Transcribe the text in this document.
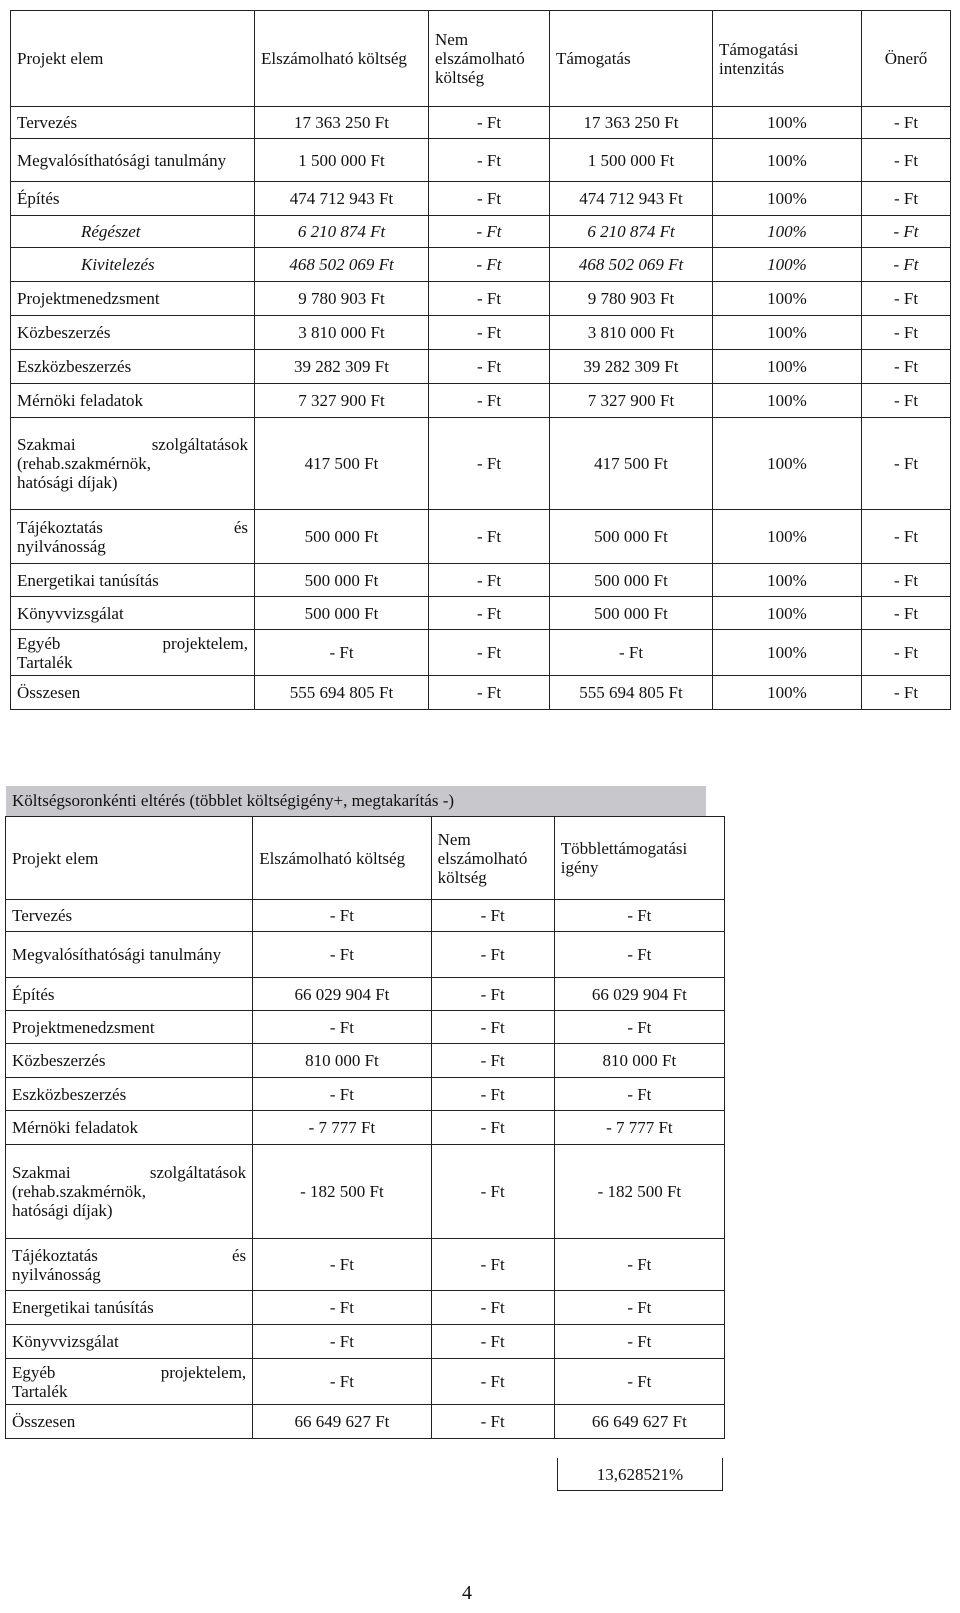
Projekt elem	Elszámolható költség	Nem elszámolható költség	Támogatás	Támogatási intenzitás	Önerő
Tervezés	17 363 250 Ft	- Ft	17 363 250 Ft	100%	- Ft
Megvalósíthatósági tanulmány	1 500 000 Ft	- Ft	1 500 000 Ft	100%	- Ft
Építés	474 712 943 Ft	- Ft	474 712 943 Ft	100%	- Ft
Régészet	6 210 874 Ft	- Ft	6 210 874 Ft	100%	- Ft
Kivitelezés	468 502 069 Ft	- Ft	468 502 069 Ft	100%	- Ft
Projektmenedzsment	9 780 903 Ft	- Ft	9 780 903 Ft	100%	- Ft
Közbeszerzés	3 810 000 Ft	- Ft	3 810 000 Ft	100%	- Ft
Eszközbeszerzés	39 282 309 Ft	- Ft	39 282 309 Ft	100%	- Ft
Mérnöki feladatok	7 327 900 Ft	- Ft	7 327 900 Ft	100%	- Ft

Szakmai szolgáltatások
(rehab.szakmérnök,
hatósági díjak)	417 500 Ft	- Ft	417 500 Ft	100%	- Ft

Tájékoztatás és
nyilvánosság	500 000 Ft	- Ft	500 000 Ft	100%	- Ft
Energetikai tanúsítás	500 000 Ft	- Ft	500 000 Ft	100%	- Ft
Könyvvizsgálat	500 000 Ft	- Ft	500 000 Ft	100%	- Ft

Egyéb projektelem,
Tartalék	- Ft	- Ft	- Ft	100%	- Ft
Összesen	555 694 805 Ft	- Ft	555 694 805 Ft	100%	- Ft
Költségsoronkénti eltérés (többlet költségigény+, megtakarítás -)
Projekt elem	Elszámolható költség	Nem elszámolható költség	Többlettámogatási igény
Tervezés	- Ft	- Ft	- Ft
Megvalósíthatósági tanulmány	- Ft	- Ft	- Ft
Építés	66 029 904 Ft	- Ft	66 029 904 Ft
Projektmenedzsment	- Ft	- Ft	- Ft
Közbeszerzés	810 000 Ft	- Ft	810 000 Ft
Eszközbeszerzés	- Ft	- Ft	- Ft
Mérnöki feladatok	- 7 777 Ft	- Ft	- 7 777 Ft

Szakmai szolgáltatások
(rehab.szakmérnök,
hatósági díjak)	- 182 500 Ft	- Ft	- 182 500 Ft

Tájékoztatás és
nyilvánosság	- Ft	- Ft	- Ft
Energetikai tanúsítás	- Ft	- Ft	- Ft
Könyvvizsgálat	- Ft	- Ft	- Ft

Egyéb projektelem,
Tartalék	- Ft	- Ft	- Ft
Összesen	66 649 627 Ft	- Ft	66 649 627 Ft
13,628521%
4
